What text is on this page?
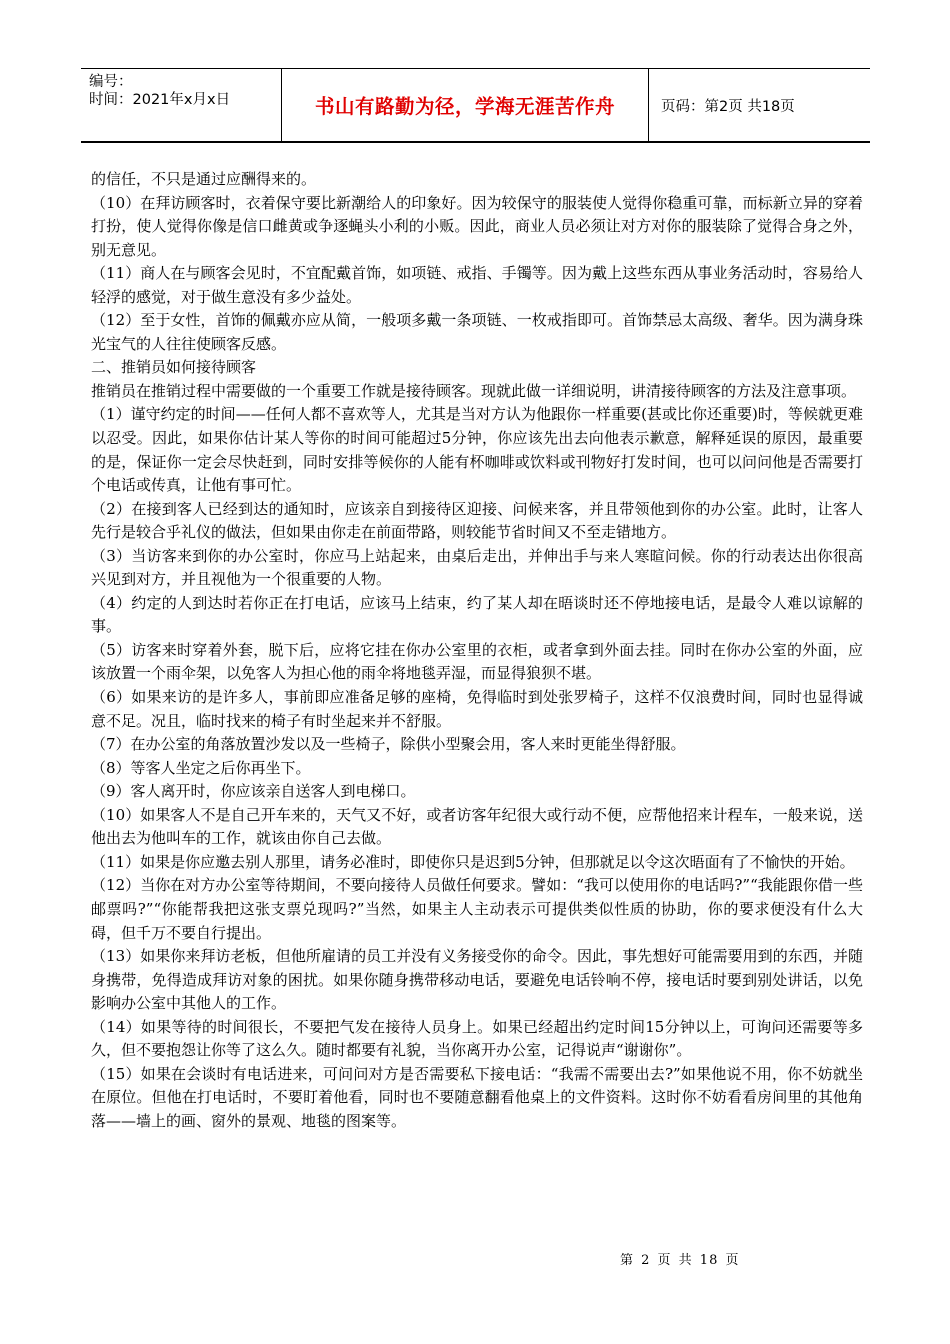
编号：
时间：2021年x月x日	书山有路勤为径，学海无涯苦作舟	页码：第2页 共18页

的信任，不只是通过应酬得来的。

（10）在拜访顾客时，衣着保守要比新潮给人的印象好。因为较保守的服装使人觉得你稳重可靠，而标新立异的穿着打扮，使人觉得你像是信口雌黄或争逐蝇头小利的小贩。因此，商业人员必须让对方对你的服装除了觉得合身之外，别无意见。

（11）商人在与顾客会见时，不宜配戴首饰，如项链、戒指、手镯等。因为戴上这些东西从事业务活动时，容易给人轻浮的感觉，对于做生意没有多少益处。

（12）至于女性，首饰的佩戴亦应从简，一般项多戴一条项链、一枚戒指即可。首饰禁忌太高级、奢华。因为满身珠光宝气的人往往使顾客反感。

二、推销员如何接待顾客

推销员在推销过程中需要做的一个重要工作就是接待顾客。现就此做一详细说明，讲清接待顾客的方法及注意事项。

（1）谨守约定的时间——任何人都不喜欢等人，尤其是当对方认为他跟你一样重要(甚或比你还重要)时，等候就更难以忍受。因此，如果你估计某人等你的时间可能超过5分钟，你应该先出去向他表示歉意，解释延误的原因，最重要的是，保证你一定会尽快赶到，同时安排等候你的人能有杯咖啡或饮料或刊物好打发时间，也可以问问他是否需要打个电话或传真，让他有事可忙。

（2）在接到客人已经到达的通知时，应该亲自到接待区迎接、问候来客，并且带领他到你的办公室。此时，让客人先行是较合乎礼仪的做法，但如果由你走在前面带路，则较能节省时间又不至走错地方。

（3）当访客来到你的办公室时，你应马上站起来，由桌后走出，并伸出手与来人寒暄问候。你的行动表达出你很高兴见到对方，并且视他为一个很重要的人物。

（4）约定的人到达时若你正在打电话，应该马上结束，约了某人却在晤谈时还不停地接电话，是最令人难以谅解的事。

（5）访客来时穿着外套，脱下后，应将它挂在你办公室里的衣柜，或者拿到外面去挂。同时在你办公室的外面，应该放置一个雨伞架，以免客人为担心他的雨伞将地毯弄湿，而显得狼狈不堪。

（6）如果来访的是许多人，事前即应准备足够的座椅，免得临时到处张罗椅子，这样不仅浪费时间，同时也显得诚意不足。况且，临时找来的椅子有时坐起来并不舒服。

（7）在办公室的角落放置沙发以及一些椅子，除供小型聚会用，客人来时更能坐得舒服。

（8）等客人坐定之后你再坐下。

（9）客人离开时，你应该亲自送客人到电梯口。

（10）如果客人不是自己开车来的，天气又不好，或者访客年纪很大或行动不便，应帮他招来计程车，一般来说，送他出去为他叫车的工作，就该由你自己去做。

（11）如果是你应邀去别人那里，请务必准时，即使你只是迟到5分钟，但那就足以令这次晤面有了不愉快的开始。

（12）当你在对方办公室等待期间，不要向接待人员做任何要求。譬如：“我可以使用你的电话吗?”“我能跟你借一些邮票吗?”“你能帮我把这张支票兑现吗?”当然，如果主人主动表示可提供类似性质的协助，你的要求便没有什么大碍，但千万不要自行提出。

（13）如果你来拜访老板，但他所雇请的员工并没有义务接受你的命令。因此，事先想好可能需要用到的东西，并随身携带，免得造成拜访对象的困扰。如果你随身携带移动电话，要避免电话铃响不停，接电话时要到别处讲话，以免影响办公室中其他人的工作。

（14）如果等待的时间很长，不要把气发在接待人员身上。如果已经超出约定时间15分钟以上，可询问还需要等多久，但不要抱怨让你等了这么久。随时都要有礼貌，当你离开办公室，记得说声“谢谢你”。

（15）如果在会谈时有电话进来，可问问对方是否需要私下接电话：“我需不需要出去?”如果他说不用，你不妨就坐在原位。但他在打电话时，不要盯着他看，同时也不要随意翻看他桌上的文件资料。这时你不妨看看房间里的其他角落——墙上的画、窗外的景观、地毯的图案等。

第 2 页 共 18 页
